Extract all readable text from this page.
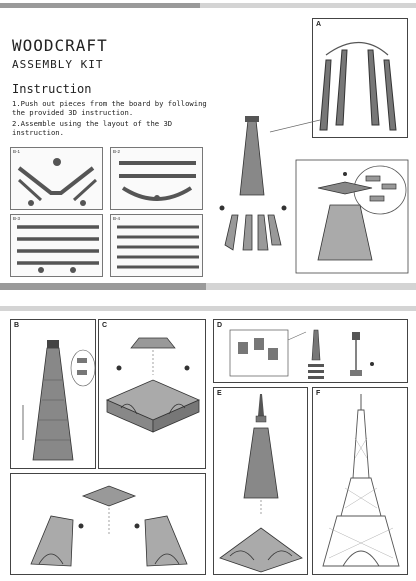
WOODCRAFT
ASSEMBLY KIT
Instruction
1.Push out pieces from the board by following the provided 3D instruction.
2.Assemble using the layout of the 3D instruction.
B-1	B-2
B-3	B-4
A
B	C	D
E	F
